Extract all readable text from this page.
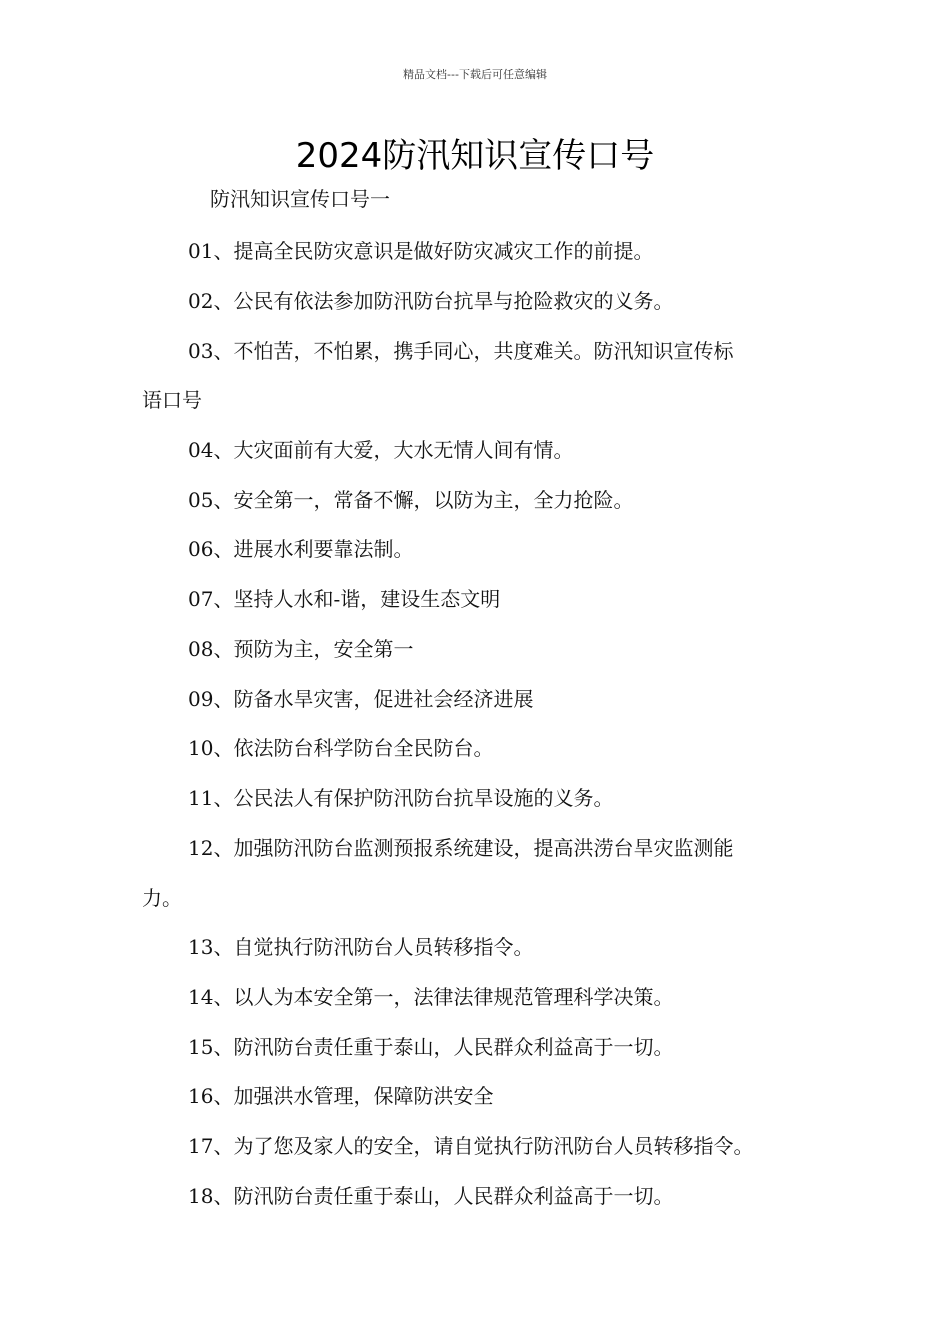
精品文档---下载后可任意编辑
2024防汛知识宣传口号
防汛知识宣传口号一
01、提高全民防灾意识是做好防灾减灾工作的前提。
02、公民有依法参加防汛防台抗旱与抢险救灾的义务。
03、不怕苦，不怕累，携手同心，共度难关。防汛知识宣传标
语口号
04、大灾面前有大爱，大水无情人间有情。
05、安全第一，常备不懈，以防为主，全力抢险。
06、进展水利要靠法制。
07、坚持人水和-谐，建设生态文明
08、预防为主，安全第一
09、防备水旱灾害，促进社会经济进展
10、依法防台科学防台全民防台。
11、公民法人有保护防汛防台抗旱设施的义务。
12、加强防汛防台监测预报系统建设，提高洪涝台旱灾监测能
力。
13、自觉执行防汛防台人员转移指令。
14、以人为本安全第一，法律法律规范管理科学决策。
15、防汛防台责任重于泰山，人民群众利益高于一切。
16、加强洪水管理，保障防洪安全
17、为了您及家人的安全，请自觉执行防汛防台人员转移指令。
18、防汛防台责任重于泰山，人民群众利益高于一切。
